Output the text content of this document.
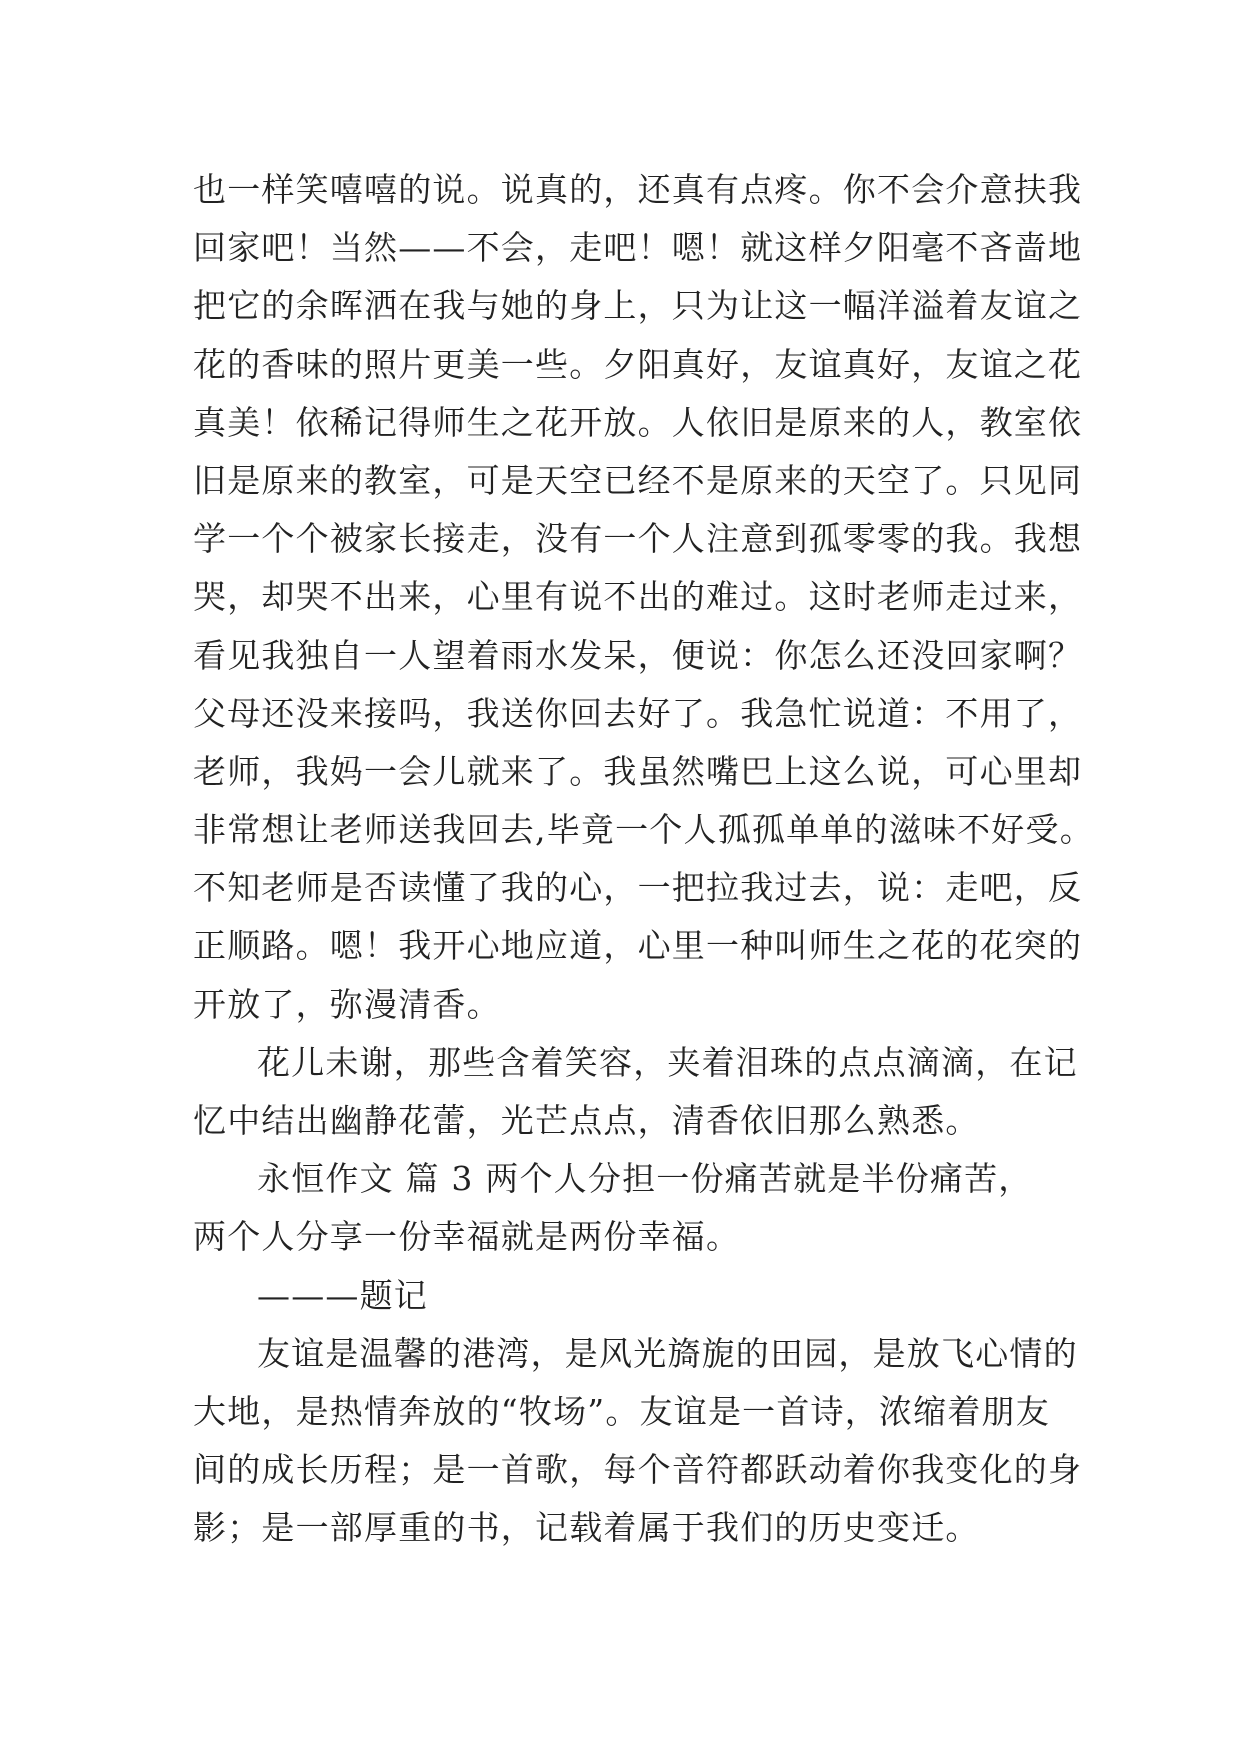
也一样笑嘻嘻的说。说真的，还真有点疼。你不会介意扶我
回家吧！当然——不会，走吧！嗯！就这样夕阳毫不吝啬地
把它的余晖洒在我与她的身上，只为让这一幅洋溢着友谊之
花的香味的照片更美一些。夕阳真好，友谊真好，友谊之花
真美！依稀记得师生之花开放。人依旧是原来的人，教室依
旧是原来的教室，可是天空已经不是原来的天空了。只见同
学一个个被家长接走，没有一个人注意到孤零零的我。我想
哭，却哭不出来，心里有说不出的难过。这时老师走过来，
看见我独自一人望着雨水发呆，便说：你怎么还没回家啊？
父母还没来接吗，我送你回去好了。我急忙说道：不用了，
老师，我妈一会儿就来了。我虽然嘴巴上这么说，可心里却
非常想让老师送我回去,毕竟一个人孤孤单单的滋味不好受。
不知老师是否读懂了我的心，一把拉我过去，说：走吧，反
正顺路。嗯！我开心地应道，心里一种叫师生之花的花突的
开放了，弥漫清香。
花儿未谢，那些含着笑容，夹着泪珠的点点滴滴，在记
忆中结出幽静花蕾，光芒点点，清香依旧那么熟悉。
永恒作文 篇 3 两个人分担一份痛苦就是半份痛苦，
两个人分享一份幸福就是两份幸福。
———题记
友谊是温馨的港湾，是风光旖旎的田园，是放飞心情的
大地，是热情奔放的“牧场”。友谊是一首诗，浓缩着朋友
间的成长历程；是一首歌，每个音符都跃动着你我变化的身
影；是一部厚重的书，记载着属于我们的历史变迁。
